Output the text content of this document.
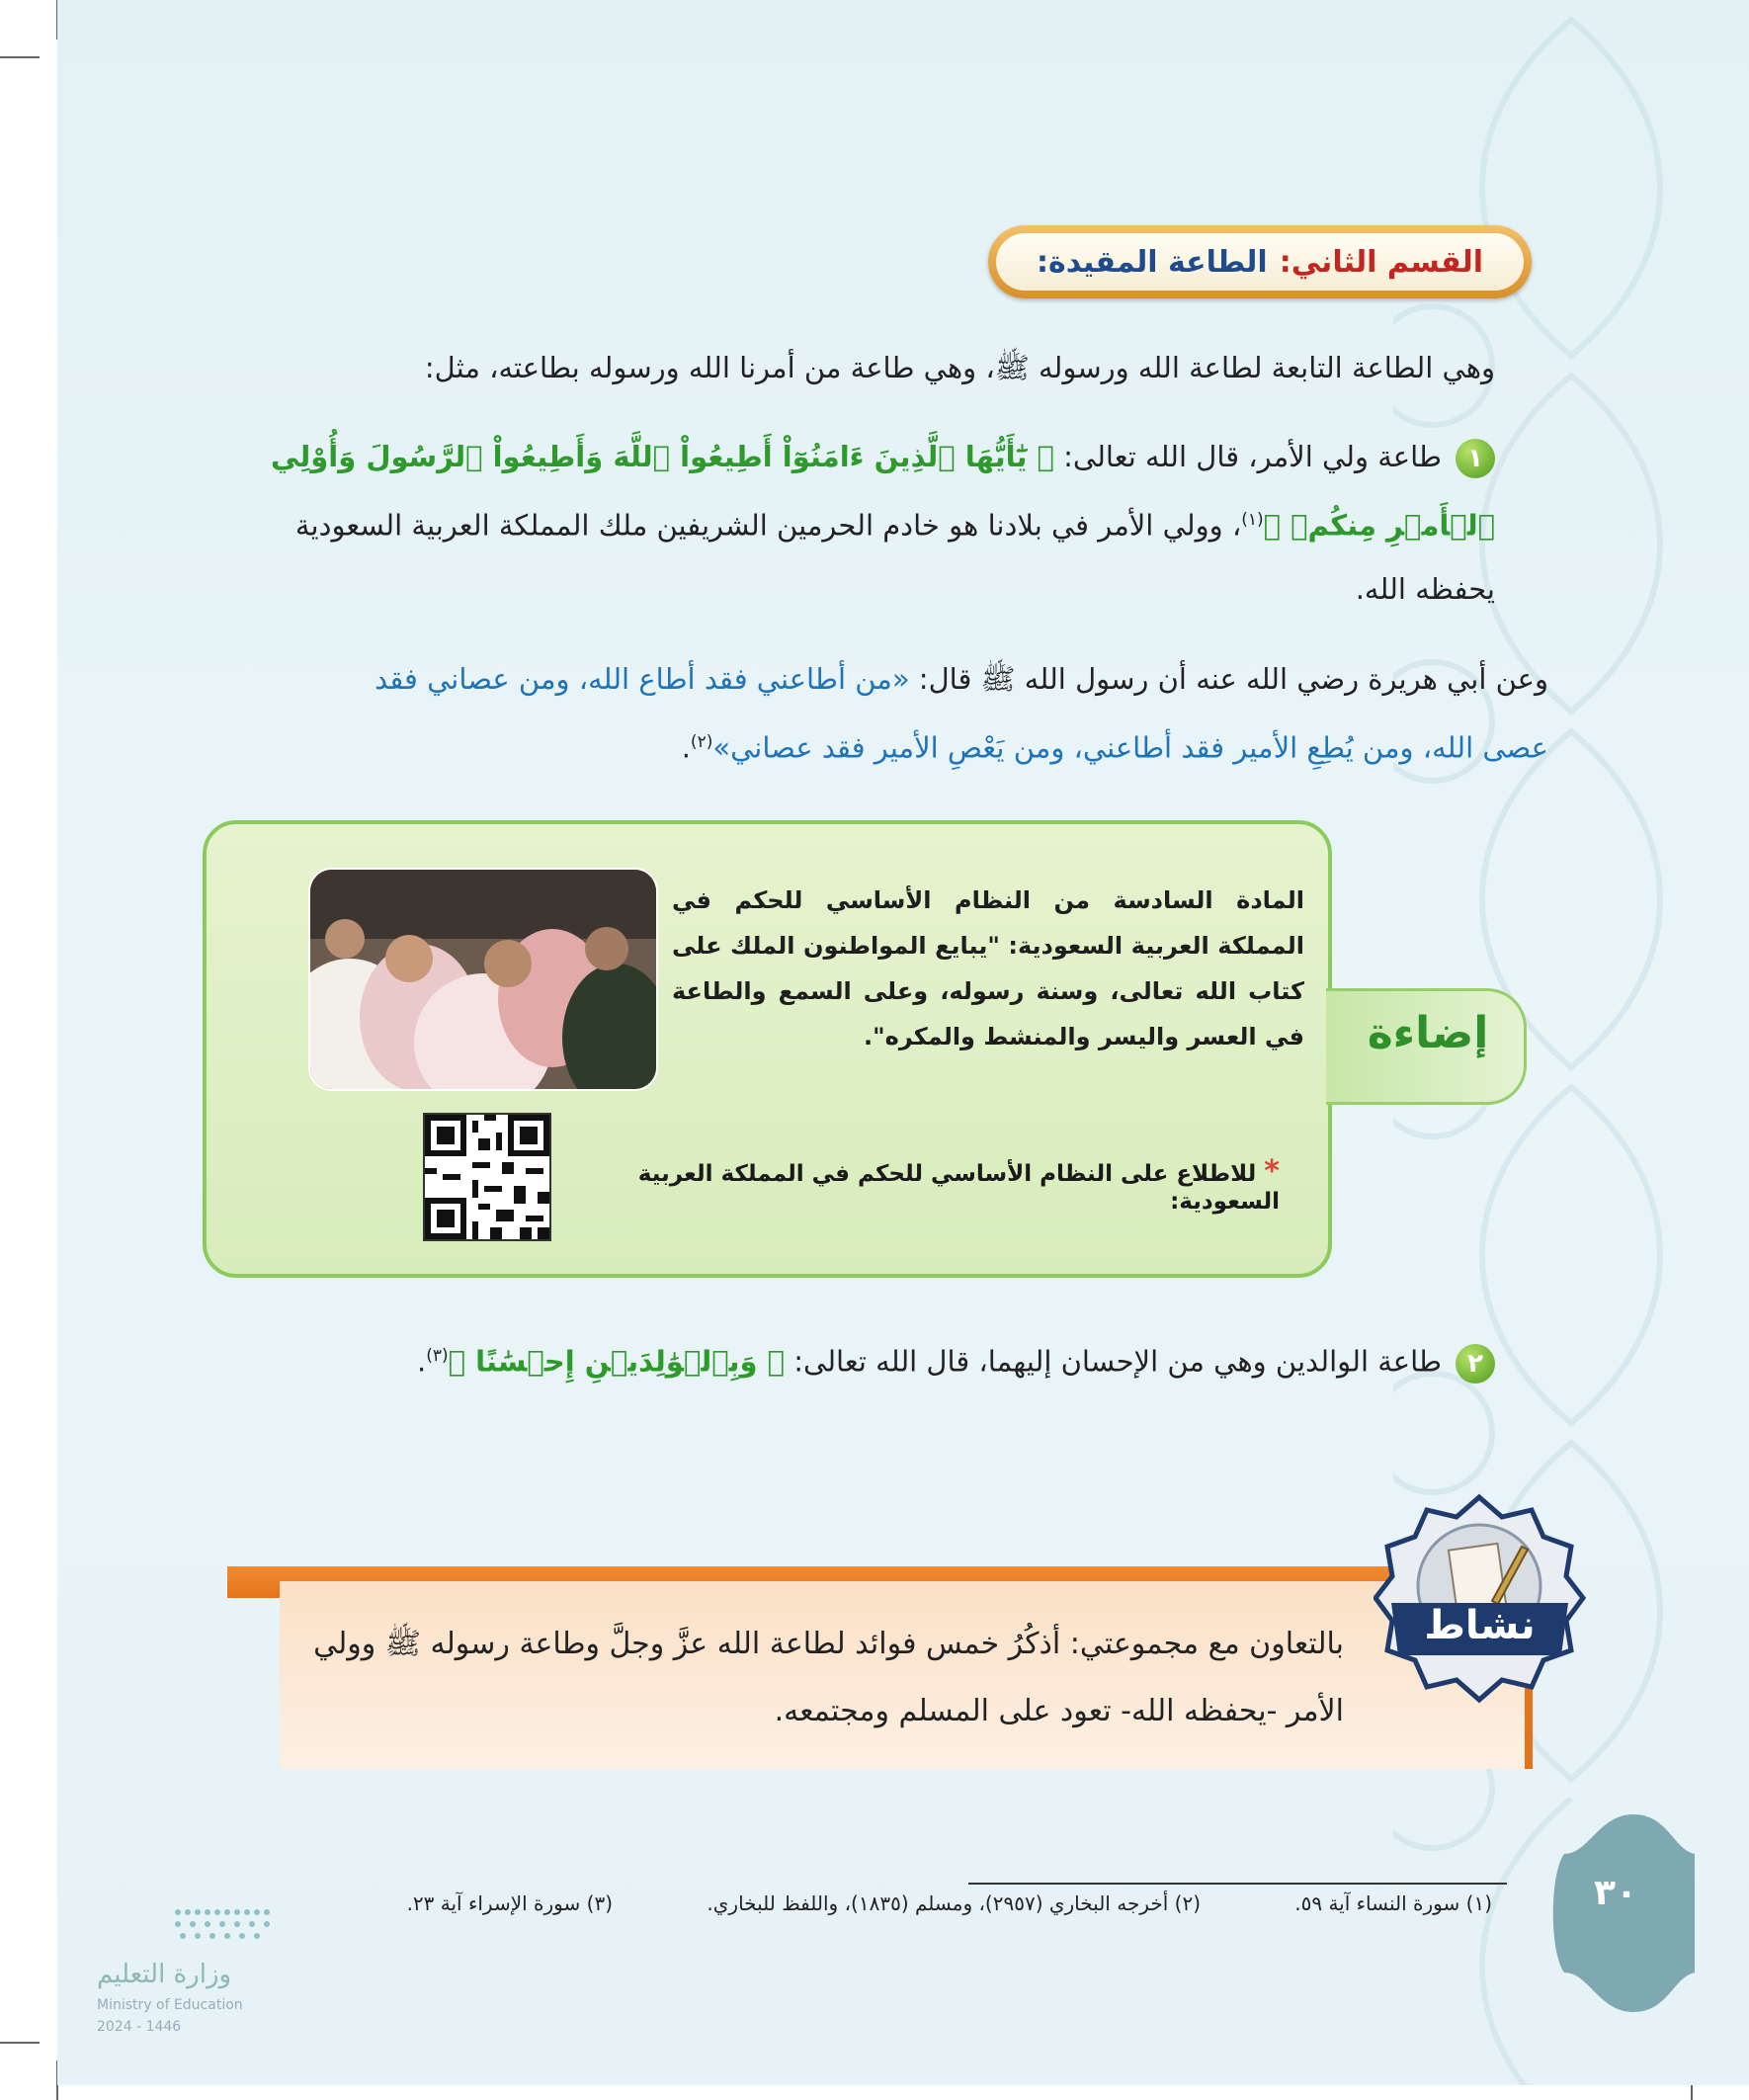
القسم الثاني:
الطاعة المقيدة:
وهي الطاعة التابعة لطاعة الله ورسوله ﷺ، وهي طاعة من أمرنا الله ورسوله بطاعته، مثل:
١طاعة ولي الأمر، قال الله تعالى: ﴿ يَٰٓأَيُّهَا ٱلَّذِينَ ءَامَنُوٓاْ أَطِيعُواْ ٱللَّهَ وَأَطِيعُواْ ٱلرَّسُولَ وَأُوْلِي ٱلۡأَمۡرِ مِنكُمۡ ﴾$^{(١)}$، وولي الأمر في بلادنا هو خادم الحرمين الشريفين ملك المملكة العربية السعودية يحفظه الله.
وعن أبي هريرة رضي الله عنه أن رسول الله ﷺ قال: «من أطاعني فقد أطاع الله، ومن عصاني فقد عصى الله، ومن يُطِعِ الأمير فقد أطاعني، ومن يَعْصِ الأمير فقد عصاني»$^{(٢)}$.
إضاءة
المادة السادسة من النظام الأساسي للحكم في المملكة العربية السعودية: "يبايع المواطنون الملك على كتاب الله تعالى، وسنة رسوله، وعلى السمع والطاعة في العسر واليسر والمنشط والمكره".
* للاطلاع على النظام الأساسي للحكم في المملكة العربية السعودية:
٢طاعة الوالدين وهي من الإحسان إليهما، قال الله تعالى: ﴿ وَبِٱلۡوَٰلِدَيۡنِ إِحۡسَٰنًا ﴾$^{(٣)}$.
بالتعاون مع مجموعتي: أذكُرُ خمس فوائد لطاعة الله عزَّ وجلَّ وطاعة رسوله ﷺ وولي الأمر -يحفظه الله- تعود على المسلم ومجتمعه.
نشاط
(١) سورة النساء آية ٥٩.
(٢) أخرجه البخاري (٢٩٥٧)، ومسلم (١٨٣٥)، واللفظ للبخاري.
(٣) سورة الإسراء آية ٢٣.	٣٠
وزارة التعليم
Ministry of Education
2024 - 1446
